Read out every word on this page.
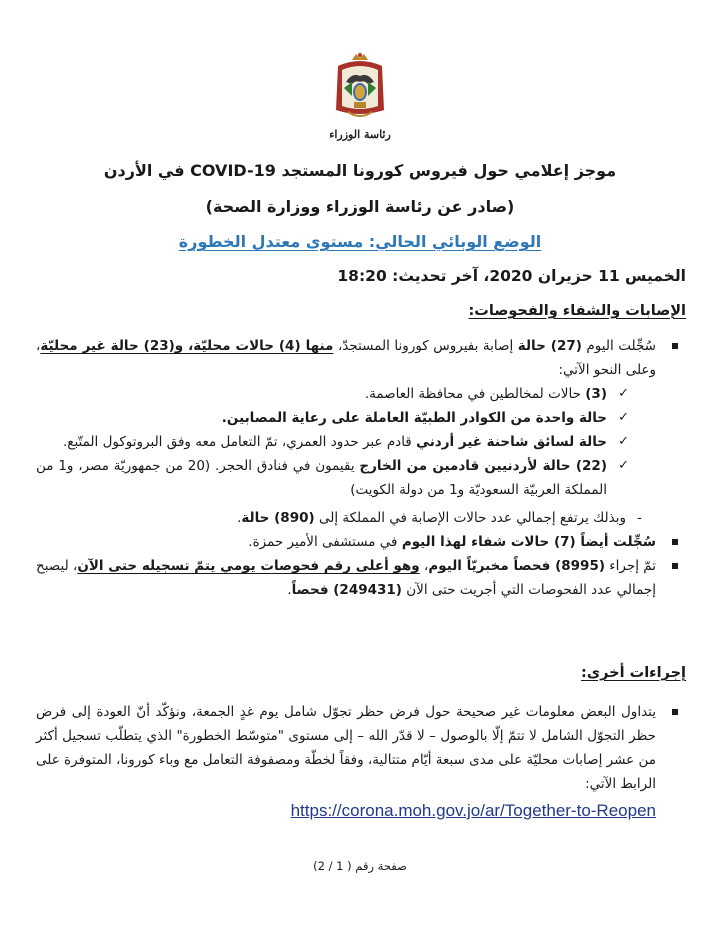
رئاسة الوزراء
موجز إعلامي حول فيروس كورونا المستجد COVID-19 في الأردن
(صادر عن رئاسة الوزراء ووزارة الصحة)
الوضع الوبائي الحالي: مستوى معتدل الخطورة
الخميس 11 حزيران 2020، آخر تحديث: 18:20
الإصابات والشفاء والفحوصات:
سُجِّلت اليوم (27) حالة إصابة بفيروس كورونا المستجدّ، منها (4) حالات محليّة، و(23) حالة غير محليّة، وعلى النحو الآتي:
✓ (3) حالات لمخالطين في محافظة العاصمة.
✓ حالة واحدة من الكوادر الطبيّة العاملة على رعاية المصابين.
✓ حالة لسائق شاحنة غير أردني قادم عبر حدود العمري، تمّ التعامل معه وفق البروتوكول المتّبع.
✓ (22) حالة لأردنيين قادمين من الخارج يقيمون في فنادق الحجر. (20 من جمهوريّة مصر، و1 من المملكة العربيّة السعوديّة و1 من دولة الكويت)
- وبذلك يرتفع إجمالي عدد حالات الإصابة في المملكة إلى (890) حالة.
سُجِّلت أيضاً (7) حالات شفاء لهذا اليوم في مستشفى الأمير حمزة.
تمّ إجراء (8995) فحصاً مخبريّاً اليوم، وهو أعلى رقم فحوصات يومي يتمّ تسجيله حتى الآن، ليصبح إجمالي عدد الفحوصات التي أجريت حتى الآن (249431) فحصاً.
إجراءات أخرى:
يتداول البعض معلومات غير صحيحة حول فرض حظر تجوّل شامل يوم غدٍ الجمعة، ونؤكّد أنّ العودة إلى فرض حظر التجوّل الشامل لا تتمّ إلّا بالوصول – لا قدّر الله – إلى مستوى "متوسّط الخطورة" الذي يتطلّب تسجيل أكثر من عشر إصابات محليّة على مدى سبعة أيّام متتالية، وفقاً لخطّة ومصفوفة التعامل مع وباء كورونا، المتوفرة على الرابط الآتي:
https://corona.moh.gov.jo/ar/Together-to-Reopen
صفحة رقم ( 1 / 2)
